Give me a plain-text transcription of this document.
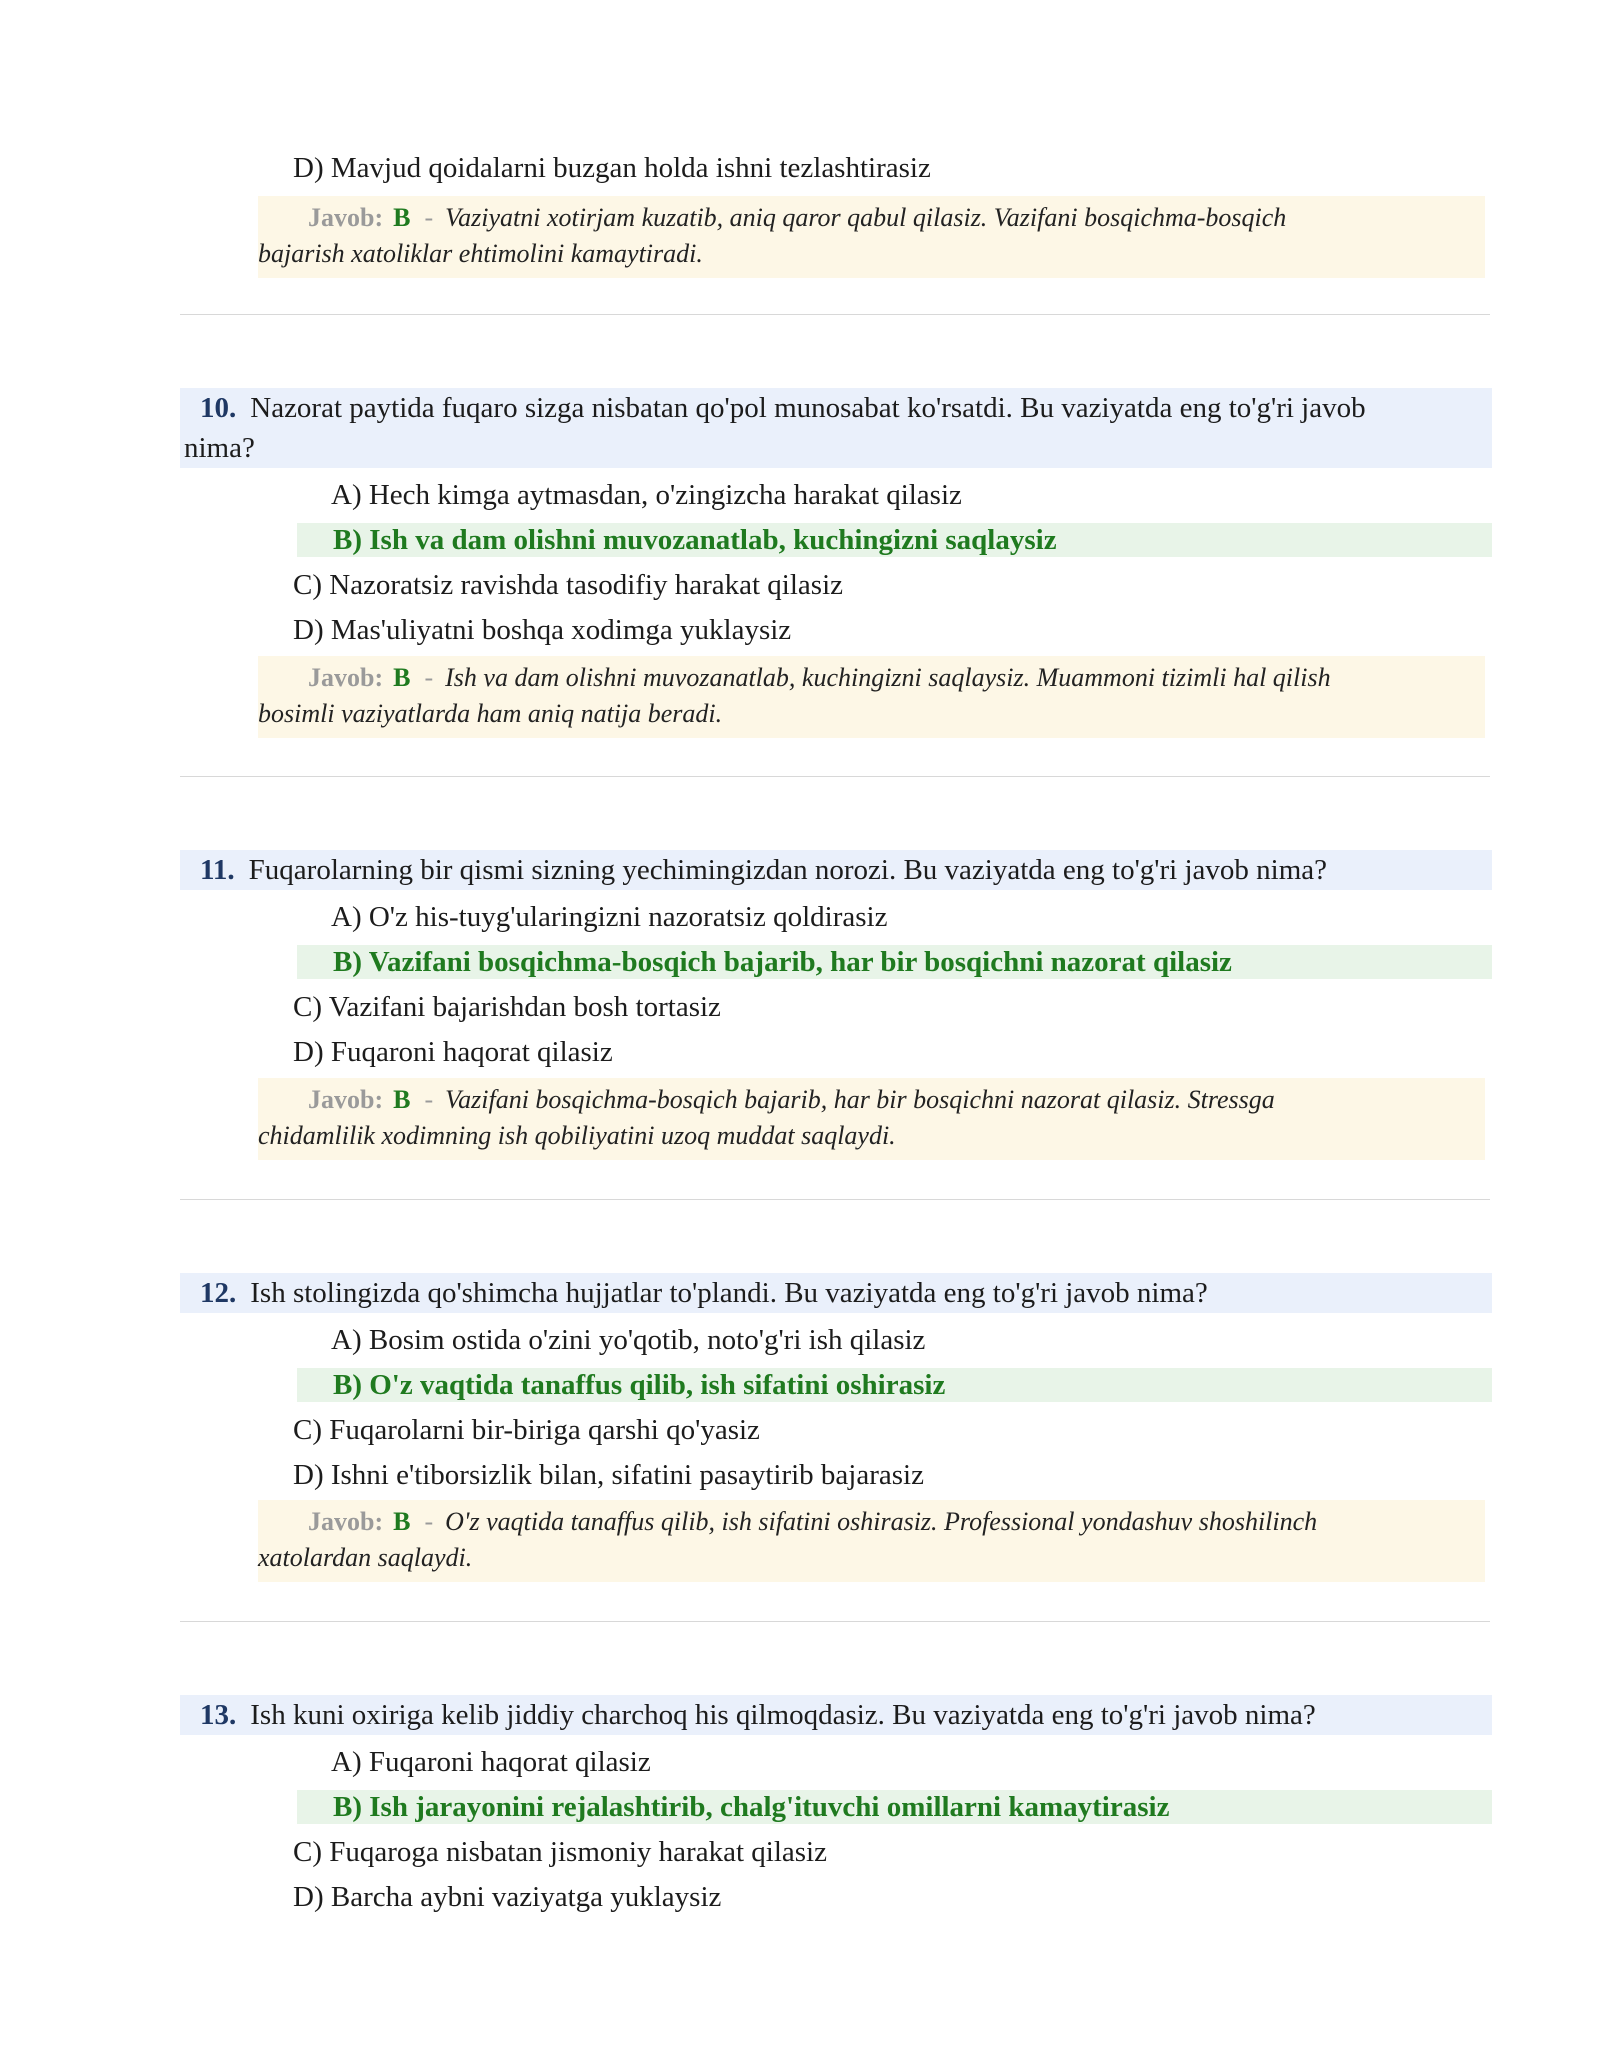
D) Mavjud qoidalarni buzgan holda ishni tezlashtirasiz
Javob: B - Vaziyatni xotirjam kuzatib, aniq qaror qabul qilasiz. Vazifani bosqichma-bosqich
bajarish xatoliklar ehtimolini kamaytiradi.
10. Nazorat paytida fuqaro sizga nisbatan qo'pol munosabat ko'rsatdi. Bu vaziyatda eng to'g'ri javob
nima?
A) Hech kimga aytmasdan, o'zingizcha harakat qilasiz
B) Ish va dam olishni muvozanatlab, kuchingizni saqlaysiz
C) Nazoratsiz ravishda tasodifiy harakat qilasiz
D) Mas'uliyatni boshqa xodimga yuklaysiz
Javob: B - Ish va dam olishni muvozanatlab, kuchingizni saqlaysiz. Muammoni tizimli hal qilish
bosimli vaziyatlarda ham aniq natija beradi.
11. Fuqarolarning bir qismi sizning yechimingizdan norozi. Bu vaziyatda eng to'g'ri javob nima?
A) O'z his-tuyg'ularingizni nazoratsiz qoldirasiz
B) Vazifani bosqichma-bosqich bajarib, har bir bosqichni nazorat qilasiz
C) Vazifani bajarishdan bosh tortasiz
D) Fuqaroni haqorat qilasiz
Javob: B - Vazifani bosqichma-bosqich bajarib, har bir bosqichni nazorat qilasiz. Stressga
chidamlilik xodimning ish qobiliyatini uzoq muddat saqlaydi.
12. Ish stolingizda qo'shimcha hujjatlar to'plandi. Bu vaziyatda eng to'g'ri javob nima?
A) Bosim ostida o'zini yo'qotib, noto'g'ri ish qilasiz
B) O'z vaqtida tanaffus qilib, ish sifatini oshirasiz
C) Fuqarolarni bir-biriga qarshi qo'yasiz
D) Ishni e'tiborsizlik bilan, sifatini pasaytirib bajarasiz
Javob: B - O'z vaqtida tanaffus qilib, ish sifatini oshirasiz. Professional yondashuv shoshilinch
xatolardan saqlaydi.
13. Ish kuni oxiriga kelib jiddiy charchoq his qilmoqdasiz. Bu vaziyatda eng to'g'ri javob nima?
A) Fuqaroni haqorat qilasiz
B) Ish jarayonini rejalashtirib, chalg'ituvchi omillarni kamaytirasiz
C) Fuqaroga nisbatan jismoniy harakat qilasiz
D) Barcha aybni vaziyatga yuklaysiz
